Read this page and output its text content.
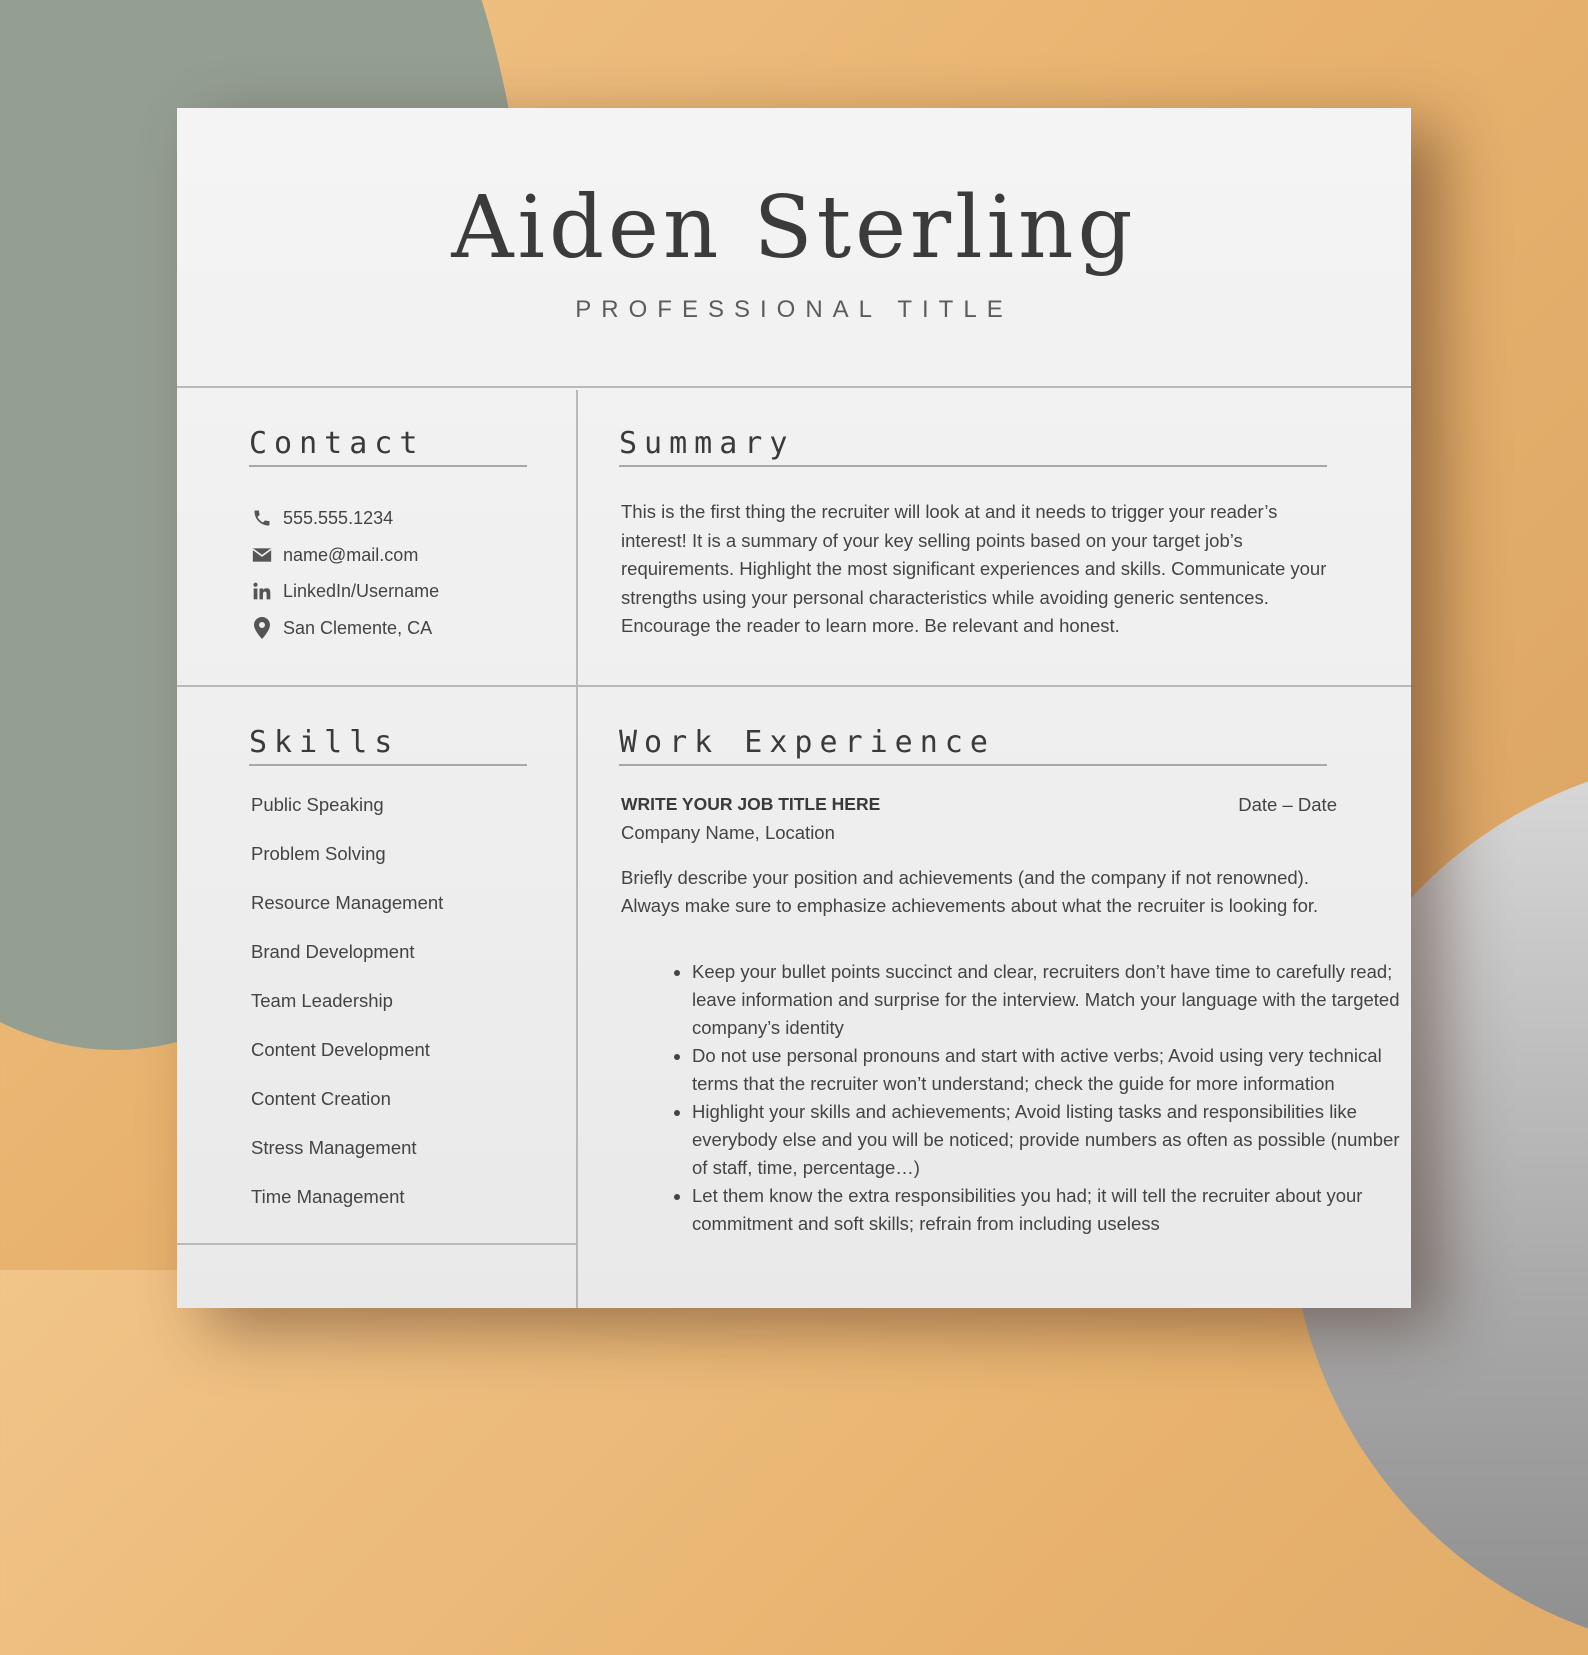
Aiden Sterling
PROFESSIONAL TITLE
Contact
555.555.1234
name@mail.com
LinkedIn/Username
San Clemente, CA
Summary
This is the first thing the recruiter will look at and it needs to trigger your reader’s interest! It is a summary of your key selling points based on your target job’s requirements. Highlight the most significant experiences and skills. Communicate your strengths using your personal characteristics while avoiding generic sentences. Encourage the reader to learn more. Be relevant and honest.
Skills
Public Speaking
Problem Solving
Resource Management
Brand Development
Team Leadership
Content Development
Content Creation
Stress Management
Time Management
Work Experience
WRITE YOUR JOB TITLE HERE	Date – Date
Company Name, Location
Briefly describe your position and achievements (and the company if not renowned). Always make sure to emphasize achievements about what the recruiter is looking for.
• Keep your bullet points succinct and clear, recruiters don’t have time to carefully read; leave information and surprise for the interview. Match your language with the targeted company’s identity
• Do not use personal pronouns and start with active verbs; Avoid using very technical terms that the recruiter won’t understand; check the guide for more information
• Highlight your skills and achievements; Avoid listing tasks and responsibilities like everybody else and you will be noticed; provide numbers as often as possible (number of staff, time, percentage…)
• Let them know the extra responsibilities you had; it will tell the recruiter about your commitment and soft skills; refrain from including useless
